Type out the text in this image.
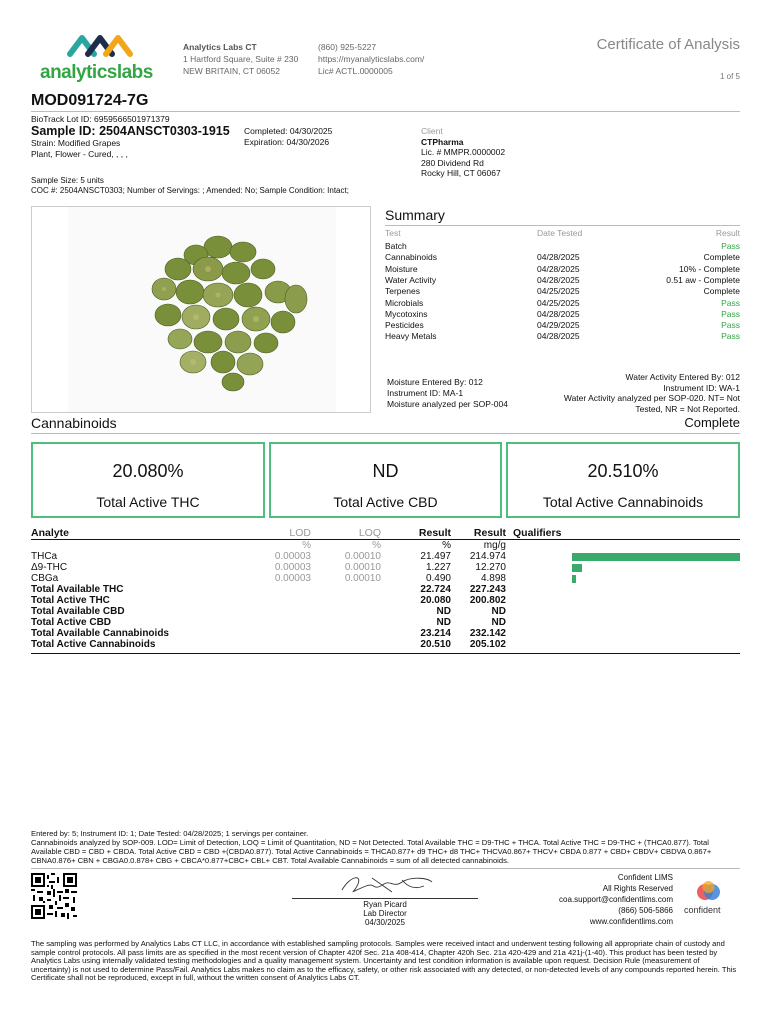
analyticslabs
Analytics Labs CT
1 Hartford Square, Suite # 230
NEW BRITAIN, CT 06052
(860) 925-5227
https://myanalyticslabs.com/
Lic# ACTL.0000005
Certificate of Analysis
1 of 5
MOD091724-7G
BioTrack Lot ID: 6959566501971379
Sample ID: 2504ANSCT0303-1915 Completed: 04/30/2025
Expiration: 04/30/2026
Strain: Modified Grapes
Plant, Flower - Cured, , , ,
Client
CTPharma
Lic. # MMPR.0000002
280 Dividend Rd
Rocky Hill, CT 06067
Sample Size: 5 units
COC #: 2504ANSCT0303; Number of Servings: ; Amended: No; Sample Condition: Intact;
Summary
Test	Date Tested	Result
Batch	Pass
Cannabinoids	04/28/2025	Complete
Moisture	04/28/2025	10% - Complete
Water Activity	04/28/2025	0.51 aw - Complete
Terpenes	04/25/2025	Complete
Microbials	04/25/2025	Pass
Mycotoxins	04/28/2025	Pass
Pesticides	04/29/2025	Pass
Heavy Metals	04/28/2025	Pass
Moisture Entered By: 012
Instrument ID: MA-1
Moisture analyzed per SOP-004
Water Activity Entered By: 012
Instrument ID: WA-1
Water Activity analyzed per SOP-020. NT= Not
Tested, NR = Not Reported.
Cannabinoids	Complete
20.080%
Total Active THC
ND
Total Active CBD
20.510%
Total Active Cannabinoids
Analyte	LOD	LOQ	Result Result Qualifiers
%	%	%	mg/g
THCa	0.00003	0.00010	21.497 214.974
Δ9-THC	0.00003	0.00010	1.227 12.270
CBGa	0.00003	0.00010	0.490	4.898
Total Available THC	22.724 227.243
Total Active THC	20.080 200.802
Total Available CBD	ND	ND
Total Active CBD	ND	ND
Total Available Cannabinoids	23.214 232.142
Total Active Cannabinoids	20.510 205.102
Entered by: 5; Instrument ID: 1; Date Tested: 04/28/2025; 1 servings per container.
Cannabinoids analyzed by SOP-009. LOD= Limit of Detection, LOQ = Limit of Quantitation, ND = Not Detected. Total Available THC = D9-THC + THCA. Total Active THC = D9-THC + (THCA0.877). Total Available CBD = CBD + CBDA. Total Active CBD = CBD +(CBDA0.877). Total Active Cannabinoids = THCA0.877+ d9 THC+ d8 THC+ THCVA0.867+ THCV+ CBDA 0.877 + CBD+ CBDV+ CBDVA 0.867+ CBNA0.876+ CBN + CBGA0.0.878+ CBG + CBCA*0.877+CBC+ CBL+ CBT. Total Available Cannabinoids = sum of all detected cannabinoids.
Ryan Picard
Lab Director
04/30/2025
Confident LIMS
All Rights Reserved
coa.support@confidentlims.com
(866) 506-5866
www.confidentlims.com
confident
The sampling was performed by Analytics Labs CT LLC, in accordance with established sampling protocols. Samples were received intact and underwent testing following all appropriate chain of custody and sample control protocols. All pass limits are as specified in the most recent version of Chapter 420f Sec. 21a 408-414, Chapter 420h Sec. 21a 420-429 and 21a 421j-(1-40). This product has been tested by Analytics Labs using internally validated testing methodologies and a quality management system. Uncertainty and test condition information is available upon request. Decision Rule (measurement of uncertainty) is not used to determine Pass/Fail. Analytics Labs makes no claim as to the efficacy, safety, or other risk associated with any detected, or non-detected levels of any compounds reported herein. This Certificate shall not be reproduced, except in full, without the written consent of Analytics Labs CT.
